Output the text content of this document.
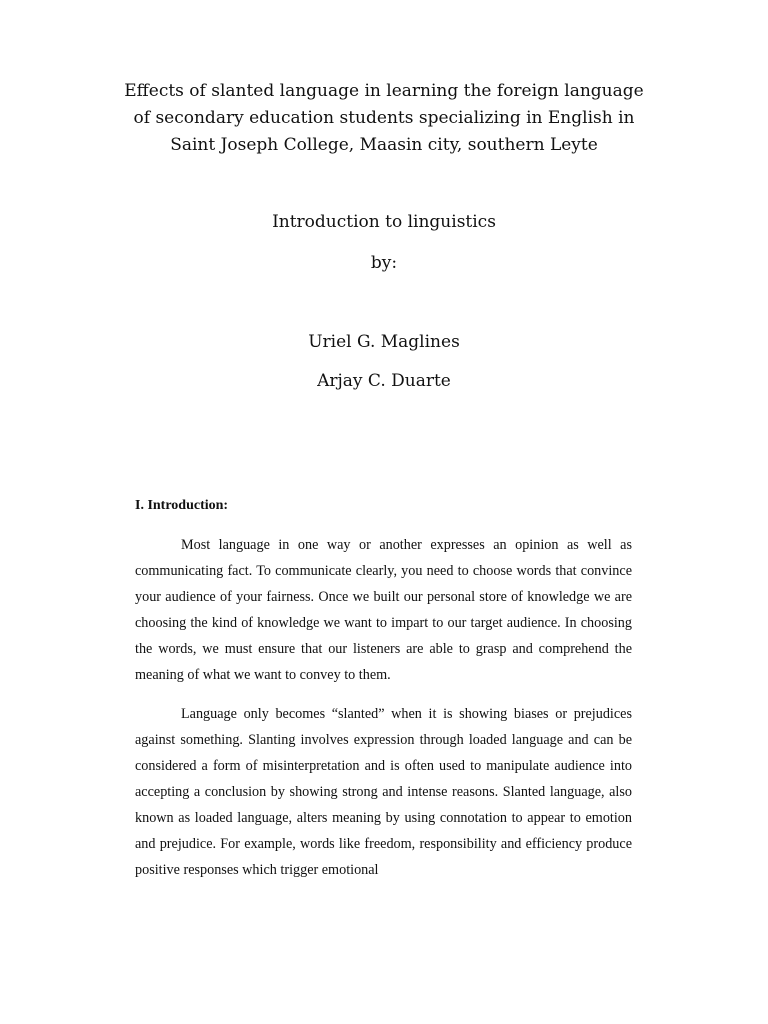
Effects of slanted language in learning the foreign language
of secondary education students specializing in English in
Saint Joseph College, Maasin city, southern Leyte
Introduction to linguistics
by:
Uriel G. Maglines
Arjay C. Duarte
I. Introduction:

Most language in one way or another expresses an opinion as well as communicating fact. To communicate clearly, you need to choose words that convince your audience of your fairness. Once we built our personal store of knowledge we are choosing the kind of knowledge we want to impart to our target audience. In choosing the words, we must ensure that our listeners are able to grasp and comprehend the meaning of what we want to convey to them.

Language only becomes “slanted” when it is showing biases or prejudices against something. Slanting involves expression through loaded language and can be considered a form of misinterpretation and is often used to manipulate audience into accepting a conclusion by showing strong and intense reasons. Slanted language, also known as loaded language, alters meaning by using connotation to appear to emotion and prejudice. For example, words like freedom, responsibility and efficiency produce positive responses which trigger emotional
